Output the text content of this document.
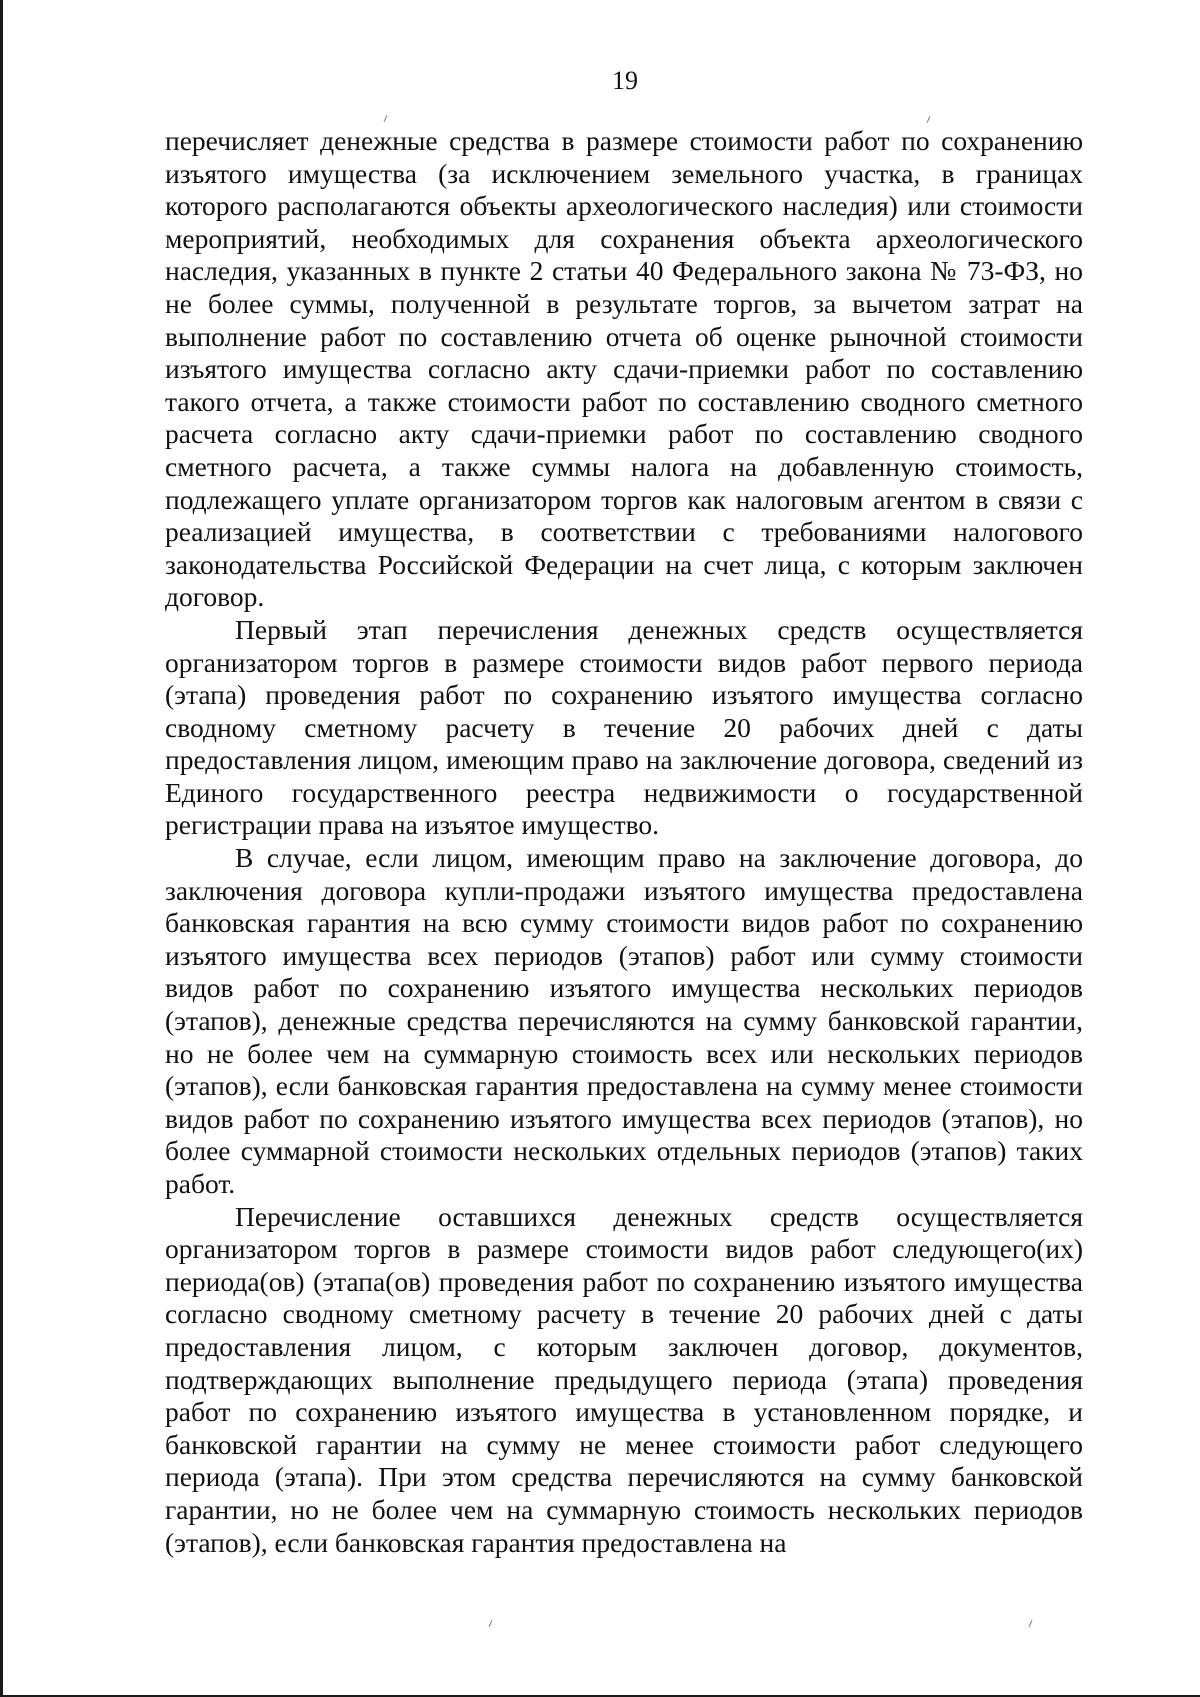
19

перечисляет денежные средства в размере стоимости работ по сохранению изъятого имущества (за исключением земельного участка, в границах которого располагаются объекты археологического наследия) или стоимости мероприятий, необходимых для сохранения объекта археологического наследия, указанных в пункте 2 статьи 40 Федерального закона № 73-ФЗ, но не более суммы, полученной в результате торгов, за вычетом затрат на выполнение работ по составлению отчета об оценке рыночной стоимости изъятого имущества согласно акту сдачи-приемки работ по составлению такого отчета, а также стоимости работ по составлению сводного сметного расчета согласно акту сдачи-приемки работ по составлению сводного сметного расчета, а также суммы налога на добавленную стоимость, подлежащего уплате организатором торгов как налоговым агентом в связи с реализацией имущества, в соответствии с требованиями налогового законодательства Российской Федерации на счет лица, с которым заключен договор.

Первый этап перечисления денежных средств осуществляется организатором торгов в размере стоимости видов работ первого периода (этапа) проведения работ по сохранению изъятого имущества согласно сводному сметному расчету в течение 20 рабочих дней с даты предоставления лицом, имеющим право на заключение договора, сведений из Единого государственного реестра недвижимости о государственной регистрации права на изъятое имущество.

В случае, если лицом, имеющим право на заключение договора, до заключения договора купли-продажи изъятого имущества предоставлена банковская гарантия на всю сумму стоимости видов работ по сохранению изъятого имущества всех периодов (этапов) работ или сумму стоимости видов работ по сохранению изъятого имущества нескольких периодов (этапов), денежные средства перечисляются на сумму банковской гарантии, но не более чем на суммарную стоимость всех или нескольких периодов (этапов), если банковская гарантия предоставлена на сумму менее стоимости видов работ по сохранению изъятого имущества всех периодов (этапов), но более суммарной стоимости нескольких отдельных периодов (этапов) таких работ.

Перечисление оставшихся денежных средств осуществляется организатором торгов в размере стоимости видов работ следующего(их) периода(ов) (этапа(ов) проведения работ по сохранению изъятого имущества согласно сводному сметному расчету в течение 20 рабочих дней с даты предоставления лицом, с которым заключен договор, документов, подтверждающих выполнение предыдущего периода (этапа) проведения работ по сохранению изъятого имущества в установленном порядке, и банковской гарантии на сумму не менее стоимости работ следующего периода (этапа). При этом средства перечисляются на сумму банковской гарантии, но не более чем на суммарную стоимость нескольких периодов (этапов), если банковская гарантия предоставлена на
